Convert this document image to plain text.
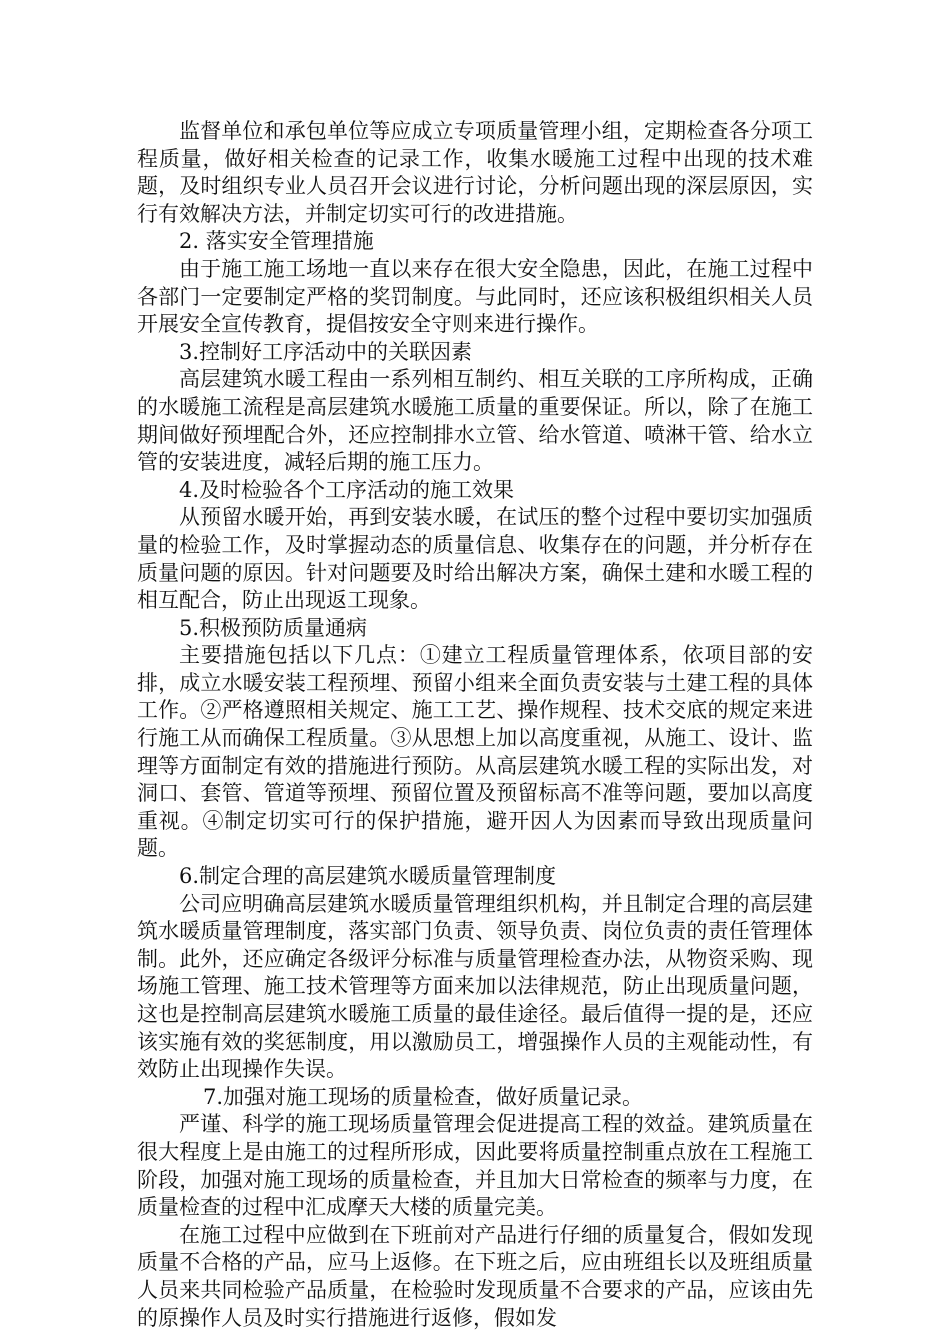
监督单位和承包单位等应成立专项质量管理小组，定期检查各分项工程质量，做好相关检查的记录工作，收集水暖施工过程中出现的技术难题，及时组织专业人员召开会议进行讨论，分析问题出现的深层原因，实行有效解决方法，并制定切实可行的改进措施。

2. 落实安全管理措施

由于施工施工场地一直以来存在很大安全隐患，因此，在施工过程中各部门一定要制定严格的奖罚制度。与此同时，还应该积极组织相关人员开展安全宣传教育，提倡按安全守则来进行操作。

3.控制好工序活动中的关联因素

高层建筑水暖工程由一系列相互制约、相互关联的工序所构成，正确的水暖施工流程是高层建筑水暖施工质量的重要保证。所以，除了在施工期间做好预埋配合外，还应控制排水立管、给水管道、喷淋干管、给水立管的安装进度，减轻后期的施工压力。

4.及时检验各个工序活动的施工效果

从预留水暖开始，再到安装水暖，在试压的整个过程中要切实加强质量的检验工作，及时掌握动态的质量信息、收集存在的问题，并分析存在质量问题的原因。针对问题要及时给出解决方案，确保土建和水暖工程的相互配合，防止出现返工现象。

5.积极预防质量通病

主要措施包括以下几点：①建立工程质量管理体系，依项目部的安排，成立水暖安装工程预埋、预留小组来全面负责安装与土建工程的具体工作。②严格遵照相关规定、施工工艺、操作规程、技术交底的规定来进行施工从而确保工程质量。③从思想上加以高度重视，从施工、设计、监理等方面制定有效的措施进行预防。从高层建筑水暖工程的实际出发，对洞口、套管、管道等预埋、预留位置及预留标高不准等问题，要加以高度重视。④制定切实可行的保护措施，避开因人为因素而导致出现质量问题。

6.制定合理的高层建筑水暖质量管理制度

公司应明确高层建筑水暖质量管理组织机构，并且制定合理的高层建筑水暖质量管理制度，落实部门负责、领导负责、岗位负责的责任管理体制。此外，还应确定各级评分标准与质量管理检查办法，从物资采购、现场施工管理、施工技术管理等方面来加以法律规范，防止出现质量问题，这也是控制高层建筑水暖施工质量的最佳途径。最后值得一提的是，还应该实施有效的奖惩制度，用以激励员工，增强操作人员的主观能动性，有效防止出现操作失误。

7.加强对施工现场的质量检查，做好质量记录。

严谨、科学的施工现场质量管理会促进提高工程的效益。建筑质量在很大程度上是由施工的过程所形成，因此要将质量控制重点放在工程施工阶段，加强对施工现场的质量检查，并且加大日常检查的频率与力度，在质量检查的过程中汇成摩天大楼的质量完美。

在施工过程中应做到在下班前对产品进行仔细的质量复合，假如发现质量不合格的产品，应马上返修。在下班之后，应由班组长以及班组质量人员来共同检验产品质量，在检验时发现质量不合要求的产品，应该由先的原操作人员及时实行措施进行返修，假如发
